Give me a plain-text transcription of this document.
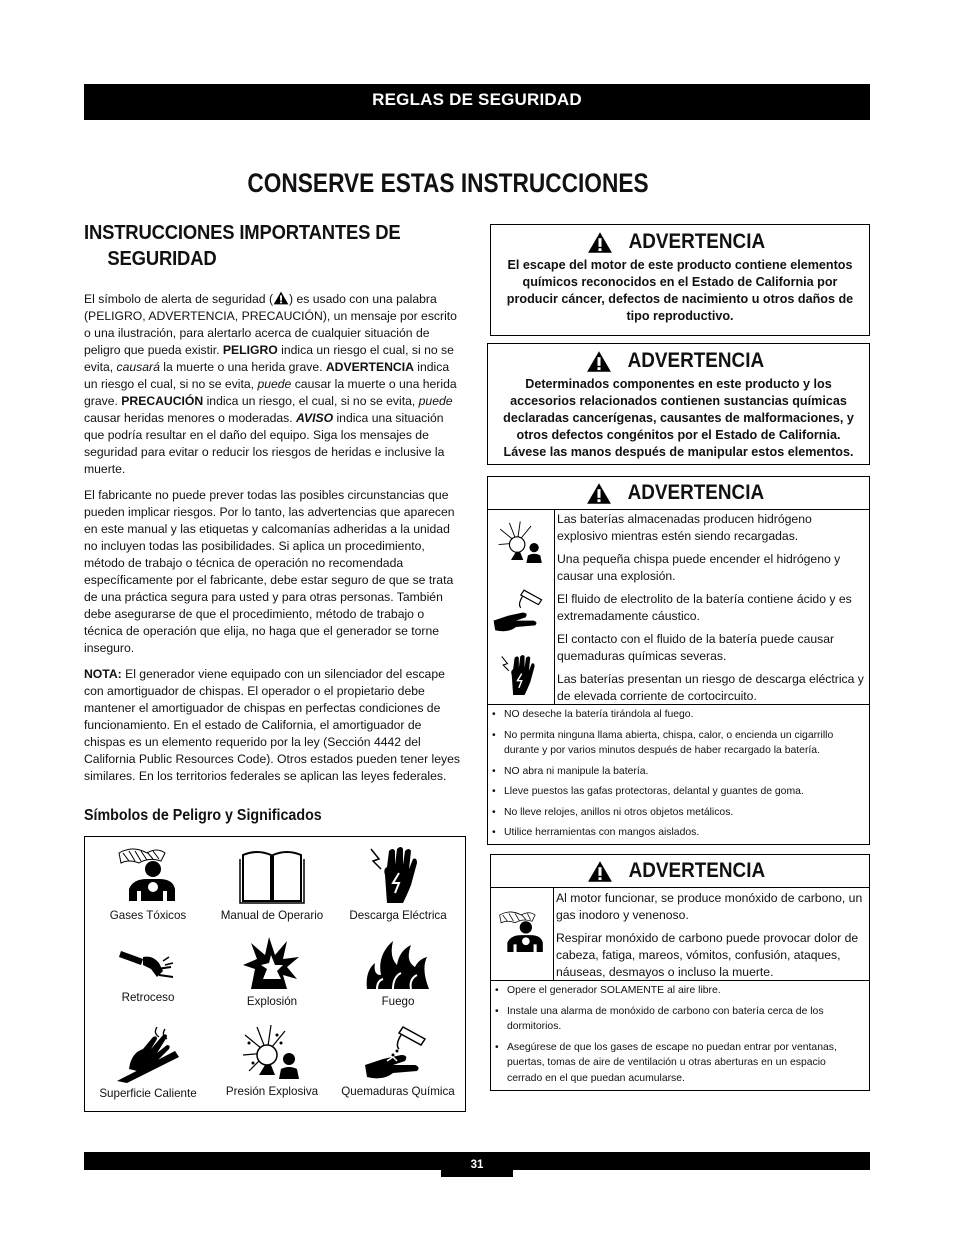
REGLAS DE SEGURIDAD
CONSERVE ESTAS INSTRUCCIONES
INSTRUCCIONES IMPORTANTES DE
SEGURIDAD

El símbolo de alerta de seguridad ( ) es usado con una palabra (PELIGRO, ADVERTENCIA, PRECAUCIÓN), un mensaje por escrito o una ilustración, para alertarlo acerca de cualquier situación de peligro que pueda existir. PELIGRO indica un riesgo el cual, si no se evita, causará la muerte o una herida grave. ADVERTENCIA indica un riesgo el cual, si no se evita, puede causar la muerte o una herida grave. PRECAUCIÓN indica un riesgo, el cual, si no se evita, puede causar heridas menores o moderadas. AVISO indica una situación que podría resultar en el daño del equipo. Siga los mensajes de seguridad para evitar o reducir los riesgos de heridas e inclusive la muerte.

El fabricante no puede prever todas las posibles circunstancias que pueden implicar riesgos. Por lo tanto, las advertencias que aparecen en este manual y las etiquetas y calcomanías adheridas a la unidad no incluyen todas las posibilidades. Si aplica un procedimiento, método de trabajo o técnica de operación no recomendada específicamente por el fabricante, debe estar seguro de que se trata de una práctica segura para usted y para otras personas. También debe asegurarse de que el procedimiento, método de trabajo o técnica de operación que elija, no haga que el generador se torne inseguro.

NOTA: El generador viene equipado con un silenciador del escape con amortiguador de chispas. El operador o el propietario debe mantener el amortiguador de chispas en perfectas condiciones de funcionamiento. En el estado de California, el amortiguador de chispas es un elemento requerido por la ley (Sección 4442 del California Public Resources Code). Otros estados pueden tener leyes similares. En los territorios federales se aplican las leyes federales.

Símbolos de Peligro y Significados
Gases Tóxicos	Manual de Operario	Descarga Eléctrica
Retroceso	Explosión	Fuego
Superficie Caliente	Presión Explosiva	Quemaduras Química
ADVERTENCIA
El escape del motor de este producto contiene elementos químicos reconocidos en el Estado de California por producir cáncer, defectos de nacimiento u otros daños de tipo reproductivo.
ADVERTENCIA
Determinados componentes en este producto y los accesorios relacionados contienen sustancias químicas declaradas cancerígenas, causantes de malformaciones, y otros defectos congénitos por el Estado de California. Lávese las manos después de manipular estos elementos.
ADVERTENCIA
Las baterías almacenadas producen hidrógeno explosivo mientras estén siendo recargadas.
Una pequeña chispa puede encender el hidrógeno y causar una explosión.
El fluido de electrolito de la batería contiene ácido y es extremadamente cáustico.
El contacto con el fluido de la batería puede causar quemaduras químicas severas.
Las baterías presentan un riesgo de descarga eléctrica y de elevada corriente de cortocircuito.
• NO deseche la batería tirándola al fuego.
• No permita ninguna llama abierta, chispa, calor, o encienda un cigarrillo durante y por varios minutos después de haber recargado la batería.
• NO abra ni manipule la batería.
• Lleve puestos las gafas protectoras, delantal y guantes de goma.
• No lleve relojes, anillos ni otros objetos metálicos.
• Utilice herramientas con mangos aislados.
ADVERTENCIA
Al motor funcionar, se produce monóxido de carbono, un gas inodoro y venenoso.
Respirar monóxido de carbono puede provocar dolor de cabeza, fatiga, mareos, vómitos, confusión, ataques, náuseas, desmayos o incluso la muerte.
• Opere el generador SOLAMENTE al aire libre.
• Instale una alarma de monóxido de carbono con batería cerca de los dormitorios.
• Asegúrese de que los gases de escape no puedan entrar por ventanas, puertas, tomas de aire de ventilación u otras aberturas en un espacio cerrado en el que puedan acumularse.
31
